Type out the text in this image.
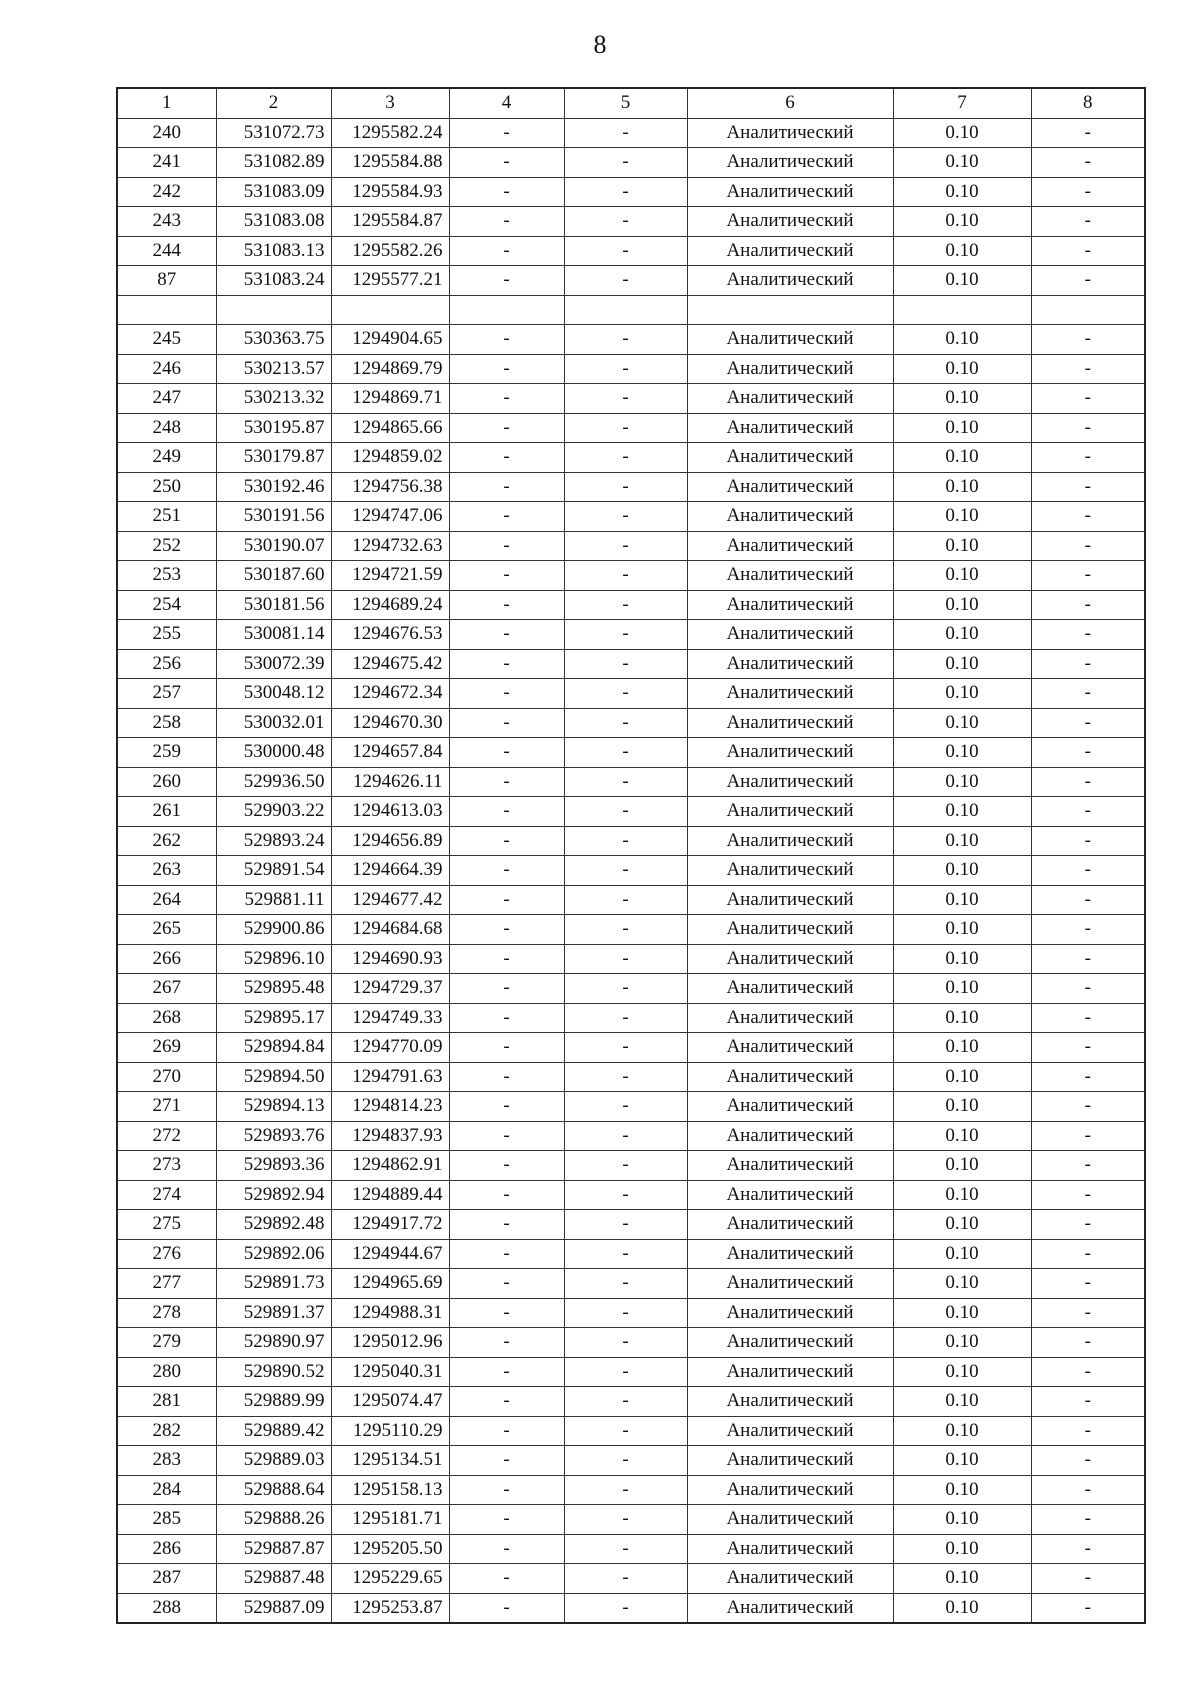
8
1	2	3	4	5	6	7	8
240	531072.73	1295582.24	-	-	Аналитический	0.10	-
241	531082.89	1295584.88	-	-	Аналитический	0.10	-
242	531083.09	1295584.93	-	-	Аналитический	0.10	-
243	531083.08	1295584.87	-	-	Аналитический	0.10	-
244	531083.13	1295582.26	-	-	Аналитический	0.10	-
87	531083.24	1295577.21	-	-	Аналитический	0.10	-

245	530363.75	1294904.65	-	-	Аналитический	0.10	-
246	530213.57	1294869.79	-	-	Аналитический	0.10	-
247	530213.32	1294869.71	-	-	Аналитический	0.10	-
248	530195.87	1294865.66	-	-	Аналитический	0.10	-
249	530179.87	1294859.02	-	-	Аналитический	0.10	-
250	530192.46	1294756.38	-	-	Аналитический	0.10	-
251	530191.56	1294747.06	-	-	Аналитический	0.10	-
252	530190.07	1294732.63	-	-	Аналитический	0.10	-
253	530187.60	1294721.59	-	-	Аналитический	0.10	-
254	530181.56	1294689.24	-	-	Аналитический	0.10	-
255	530081.14	1294676.53	-	-	Аналитический	0.10	-
256	530072.39	1294675.42	-	-	Аналитический	0.10	-
257	530048.12	1294672.34	-	-	Аналитический	0.10	-
258	530032.01	1294670.30	-	-	Аналитический	0.10	-
259	530000.48	1294657.84	-	-	Аналитический	0.10	-
260	529936.50	1294626.11	-	-	Аналитический	0.10	-
261	529903.22	1294613.03	-	-	Аналитический	0.10	-
262	529893.24	1294656.89	-	-	Аналитический	0.10	-
263	529891.54	1294664.39	-	-	Аналитический	0.10	-
264	529881.11	1294677.42	-	-	Аналитический	0.10	-
265	529900.86	1294684.68	-	-	Аналитический	0.10	-
266	529896.10	1294690.93	-	-	Аналитический	0.10	-
267	529895.48	1294729.37	-	-	Аналитический	0.10	-
268	529895.17	1294749.33	-	-	Аналитический	0.10	-
269	529894.84	1294770.09	-	-	Аналитический	0.10	-
270	529894.50	1294791.63	-	-	Аналитический	0.10	-
271	529894.13	1294814.23	-	-	Аналитический	0.10	-
272	529893.76	1294837.93	-	-	Аналитический	0.10	-
273	529893.36	1294862.91	-	-	Аналитический	0.10	-
274	529892.94	1294889.44	-	-	Аналитический	0.10	-
275	529892.48	1294917.72	-	-	Аналитический	0.10	-
276	529892.06	1294944.67	-	-	Аналитический	0.10	-
277	529891.73	1294965.69	-	-	Аналитический	0.10	-
278	529891.37	1294988.31	-	-	Аналитический	0.10	-
279	529890.97	1295012.96	-	-	Аналитический	0.10	-
280	529890.52	1295040.31	-	-	Аналитический	0.10	-
281	529889.99	1295074.47	-	-	Аналитический	0.10	-
282	529889.42	1295110.29	-	-	Аналитический	0.10	-
283	529889.03	1295134.51	-	-	Аналитический	0.10	-
284	529888.64	1295158.13	-	-	Аналитический	0.10	-
285	529888.26	1295181.71	-	-	Аналитический	0.10	-
286	529887.87	1295205.50	-	-	Аналитический	0.10	-
287	529887.48	1295229.65	-	-	Аналитический	0.10	-
288	529887.09	1295253.87	-	-	Аналитический	0.10	-
